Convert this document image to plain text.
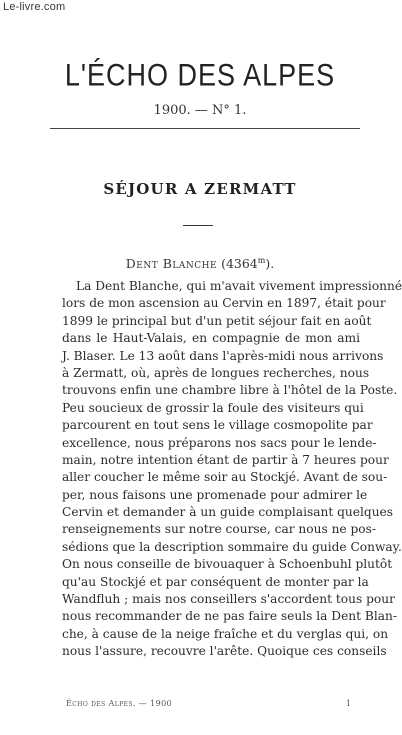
Le-livre.com
L'ÉCHO DES ALPES
1900. — N° 1.
SÉJOUR A ZERMATT
Dent Blanche (4364$^m$).
La Dent Blanche, qui m'avait vivement impressionné
lors de mon ascension au Cervin en 1897, était pour
1899 le principal but d'un petit séjour fait en août
dans le Haut-Valais, en compagnie de mon ami
J. Blaser. Le 13 août dans l'après-midi nous arrivons
à Zermatt, où, après de longues recherches, nous
trouvons enfin une chambre libre à l'hôtel de la Poste.
Peu soucieux de grossir la foule des visiteurs qui
parcourent en tout sens le village cosmopolite par
excellence, nous préparons nos sacs pour le lende-
main, notre intention étant de partir à 7 heures pour
aller coucher le même soir au Stockjé. Avant de sou-
per, nous faisons une promenade pour admirer le
Cervin et demander à un guide complaisant quelques
renseignements sur notre course, car nous ne pos-
sédions que la description sommaire du guide Conway.
On nous conseille de bivouaquer à Schoenbuhl plutôt
qu'au Stockjé et par conséquent de monter par la
Wandfluh ; mais nos conseillers s'accordent tous pour
nous recommander de ne pas faire seuls la Dent Blan-
che, à cause de la neige fraîche et du verglas qui, on
nous l'assure, recouvre l'arête. Quoique ces conseils
Écho des Alpes. — 1900	1
